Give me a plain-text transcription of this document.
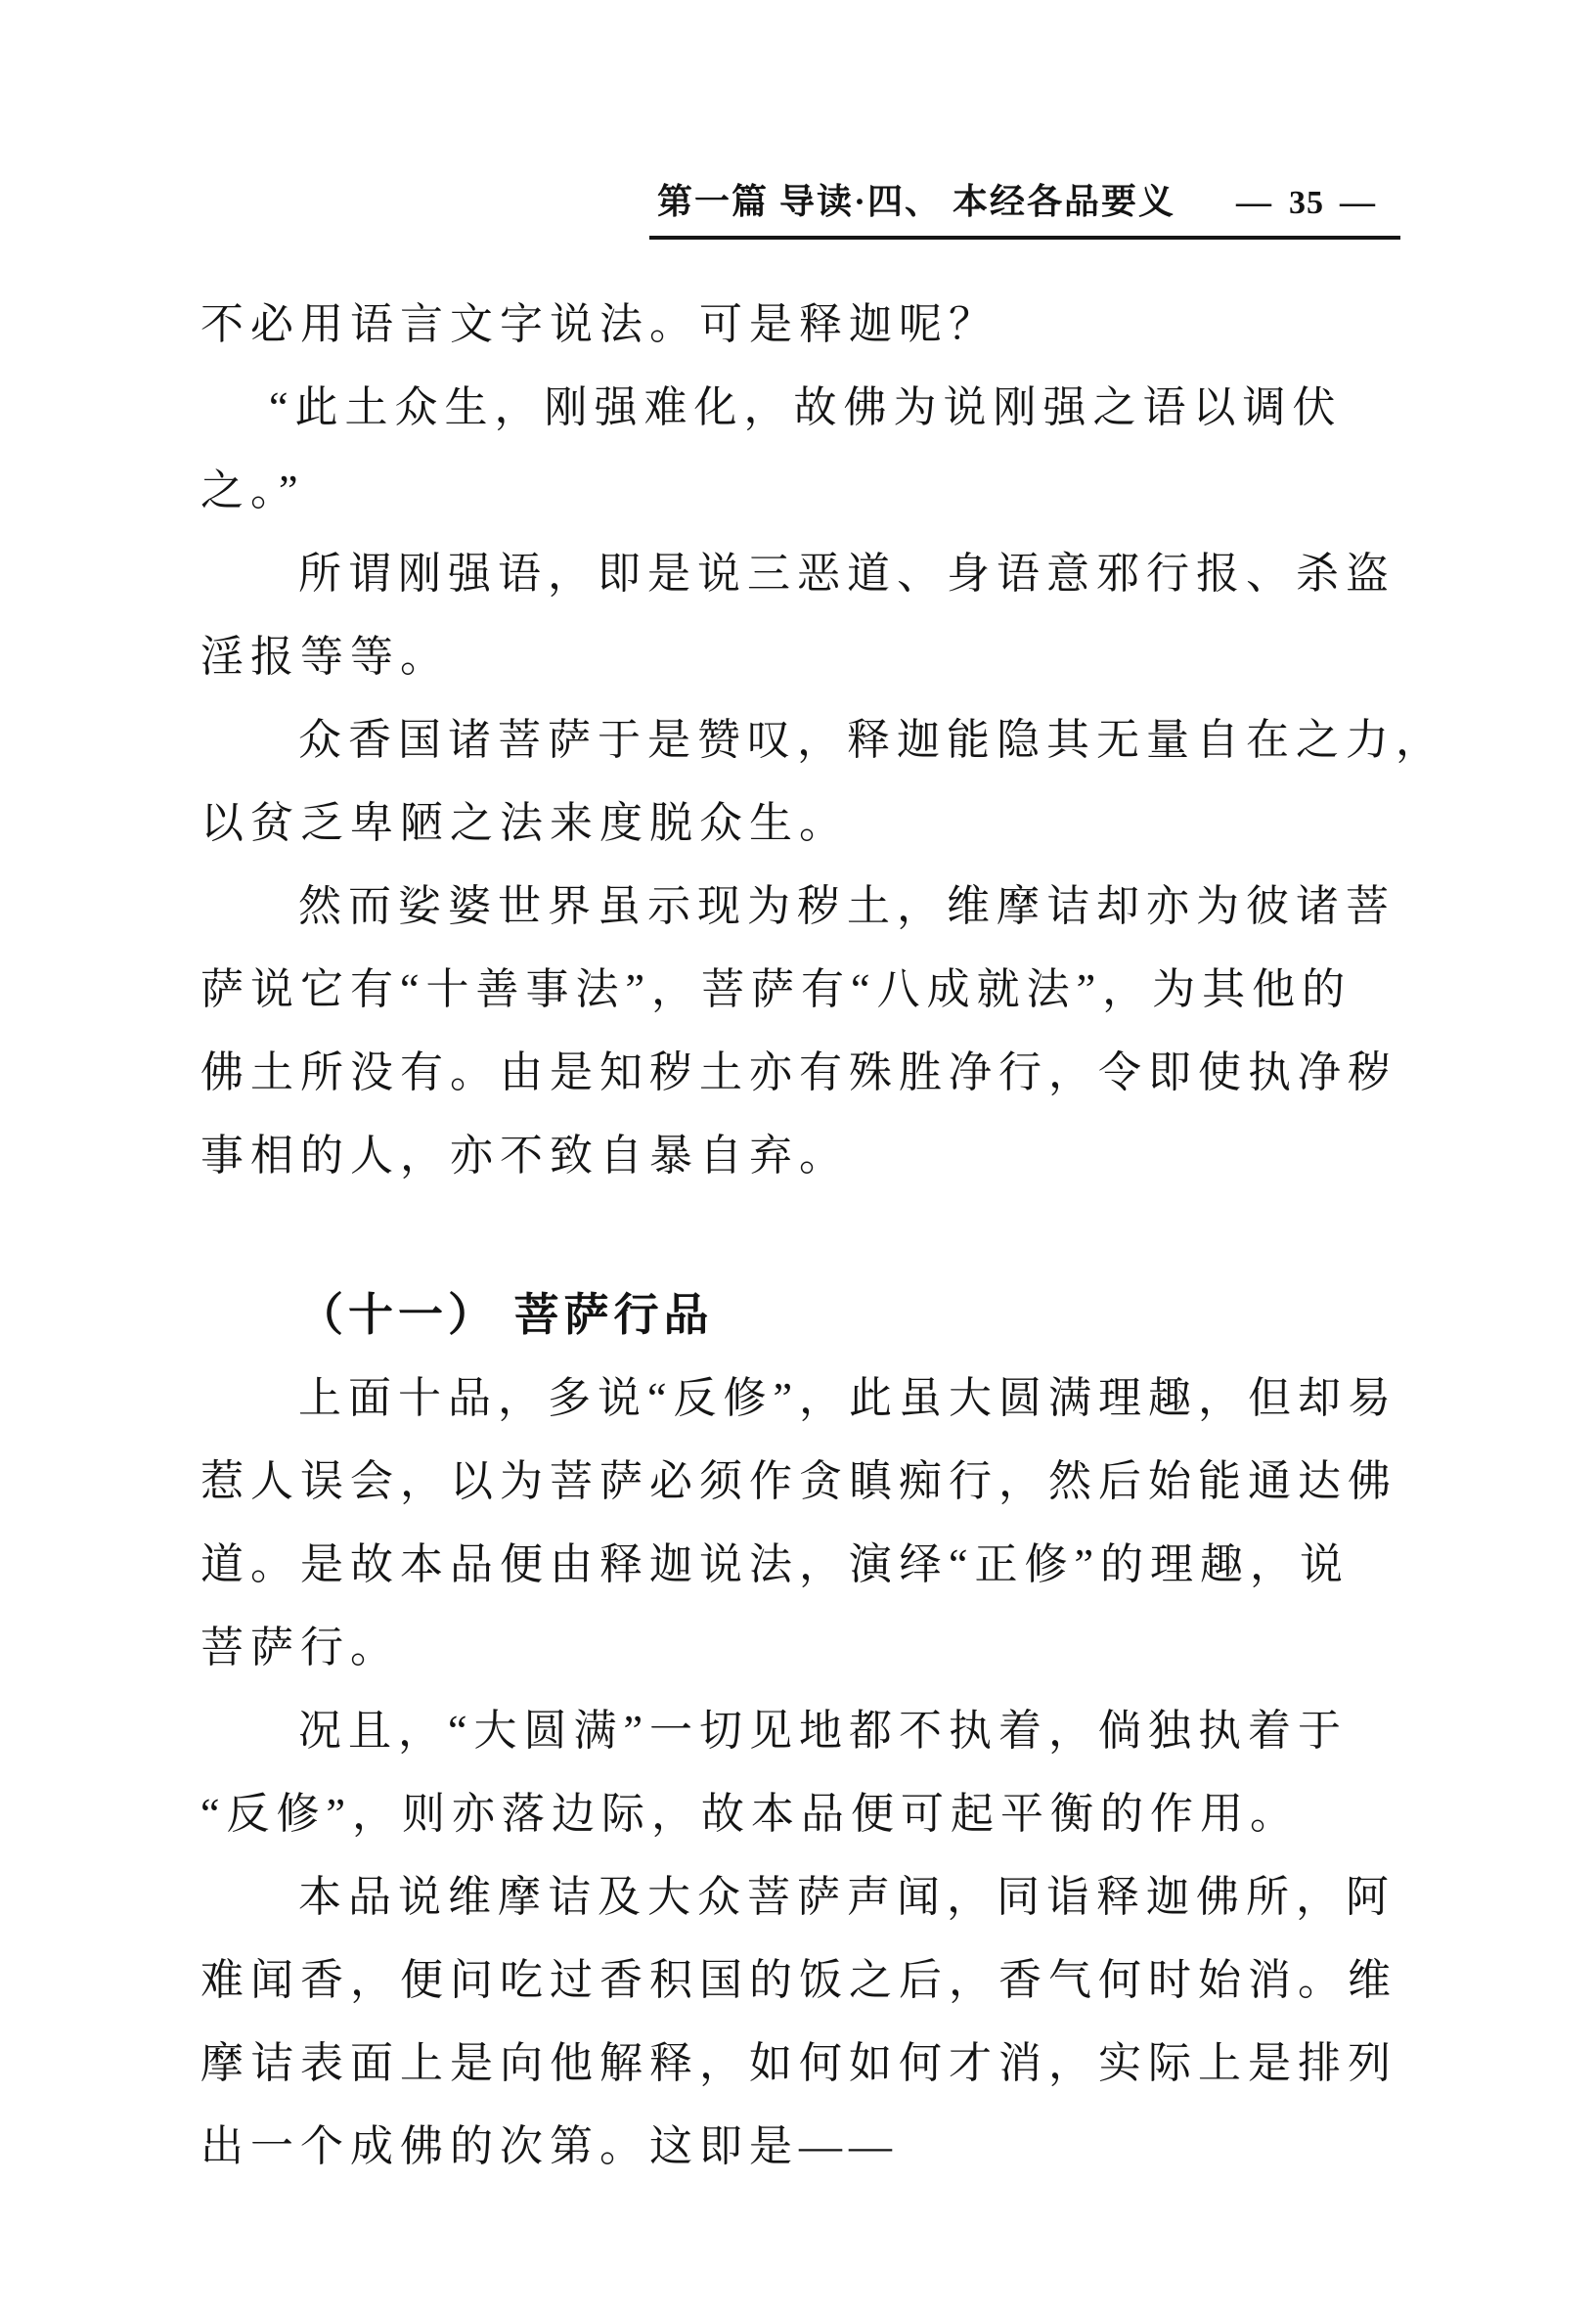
第一篇 导读·四、 本经各品要义 — 35 —
不必用语言文字说法。可是释迦呢？
“此土众生，刚强难化，故佛为说刚强之语以调伏
之。”
所谓刚强语，即是说三恶道、身语意邪行报、杀盗
淫报等等。
众香国诸菩萨于是赞叹，释迦能隐其无量自在之力，
以贫乏卑陋之法来度脱众生。
然而娑婆世界虽示现为秽土，维摩诘却亦为彼诸菩
萨说它有“十善事法”，菩萨有“八成就法”，为其他的
佛土所没有。由是知秽土亦有殊胜净行，令即使执净秽
事相的人，亦不致自暴自弃。
（十一） 菩萨行品
上面十品，多说“反修”，此虽大圆满理趣，但却易
惹人误会，以为菩萨必须作贪瞋痴行，然后始能通达佛
道。是故本品便由释迦说法，演绎“正修”的理趣，说
菩萨行。
况且，“大圆满”一切见地都不执着，倘独执着于
“反修”，则亦落边际，故本品便可起平衡的作用。
本品说维摩诘及大众菩萨声闻，同诣释迦佛所，阿
难闻香，便问吃过香积国的饭之后，香气何时始消。维
摩诘表面上是向他解释，如何如何才消，实际上是排列
出一个成佛的次第。这即是——
